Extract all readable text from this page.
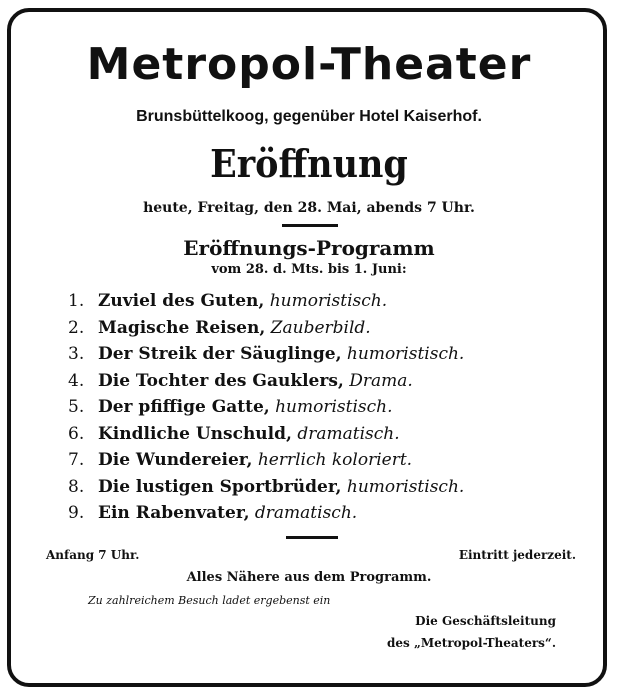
Metropol-Theater
Brunsbüttelkoog, gegenüber Hotel Kaiserhof.
Eröffnung
heute, Freitag, den 28. Mai, abends 7 Uhr.
Eröffnungs-Programm
vom 28. d. Mts. bis 1. Juni:
1. Zuviel des Guten, humoristisch.
2. Magische Reisen, Zauberbild.
3. Der Streik der Säuglinge, humoristisch.
4. Die Tochter des Gauklers, Drama.
5. Der pfiffige Gatte, humoristisch.
6. Kindliche Unschuld, dramatisch.
7. Die Wundereier, herrlich koloriert.
8. Die lustigen Sportbrüder, humoristisch.
9. Ein Rabenvater, dramatisch.
Anfang 7 Uhr.	Eintritt jederzeit.
Alles Nähere aus dem Programm.
Zu zahlreichem Besuch ladet ergebenst ein
Die Geschäftsleitung
des „Metropol-Theaters“.
